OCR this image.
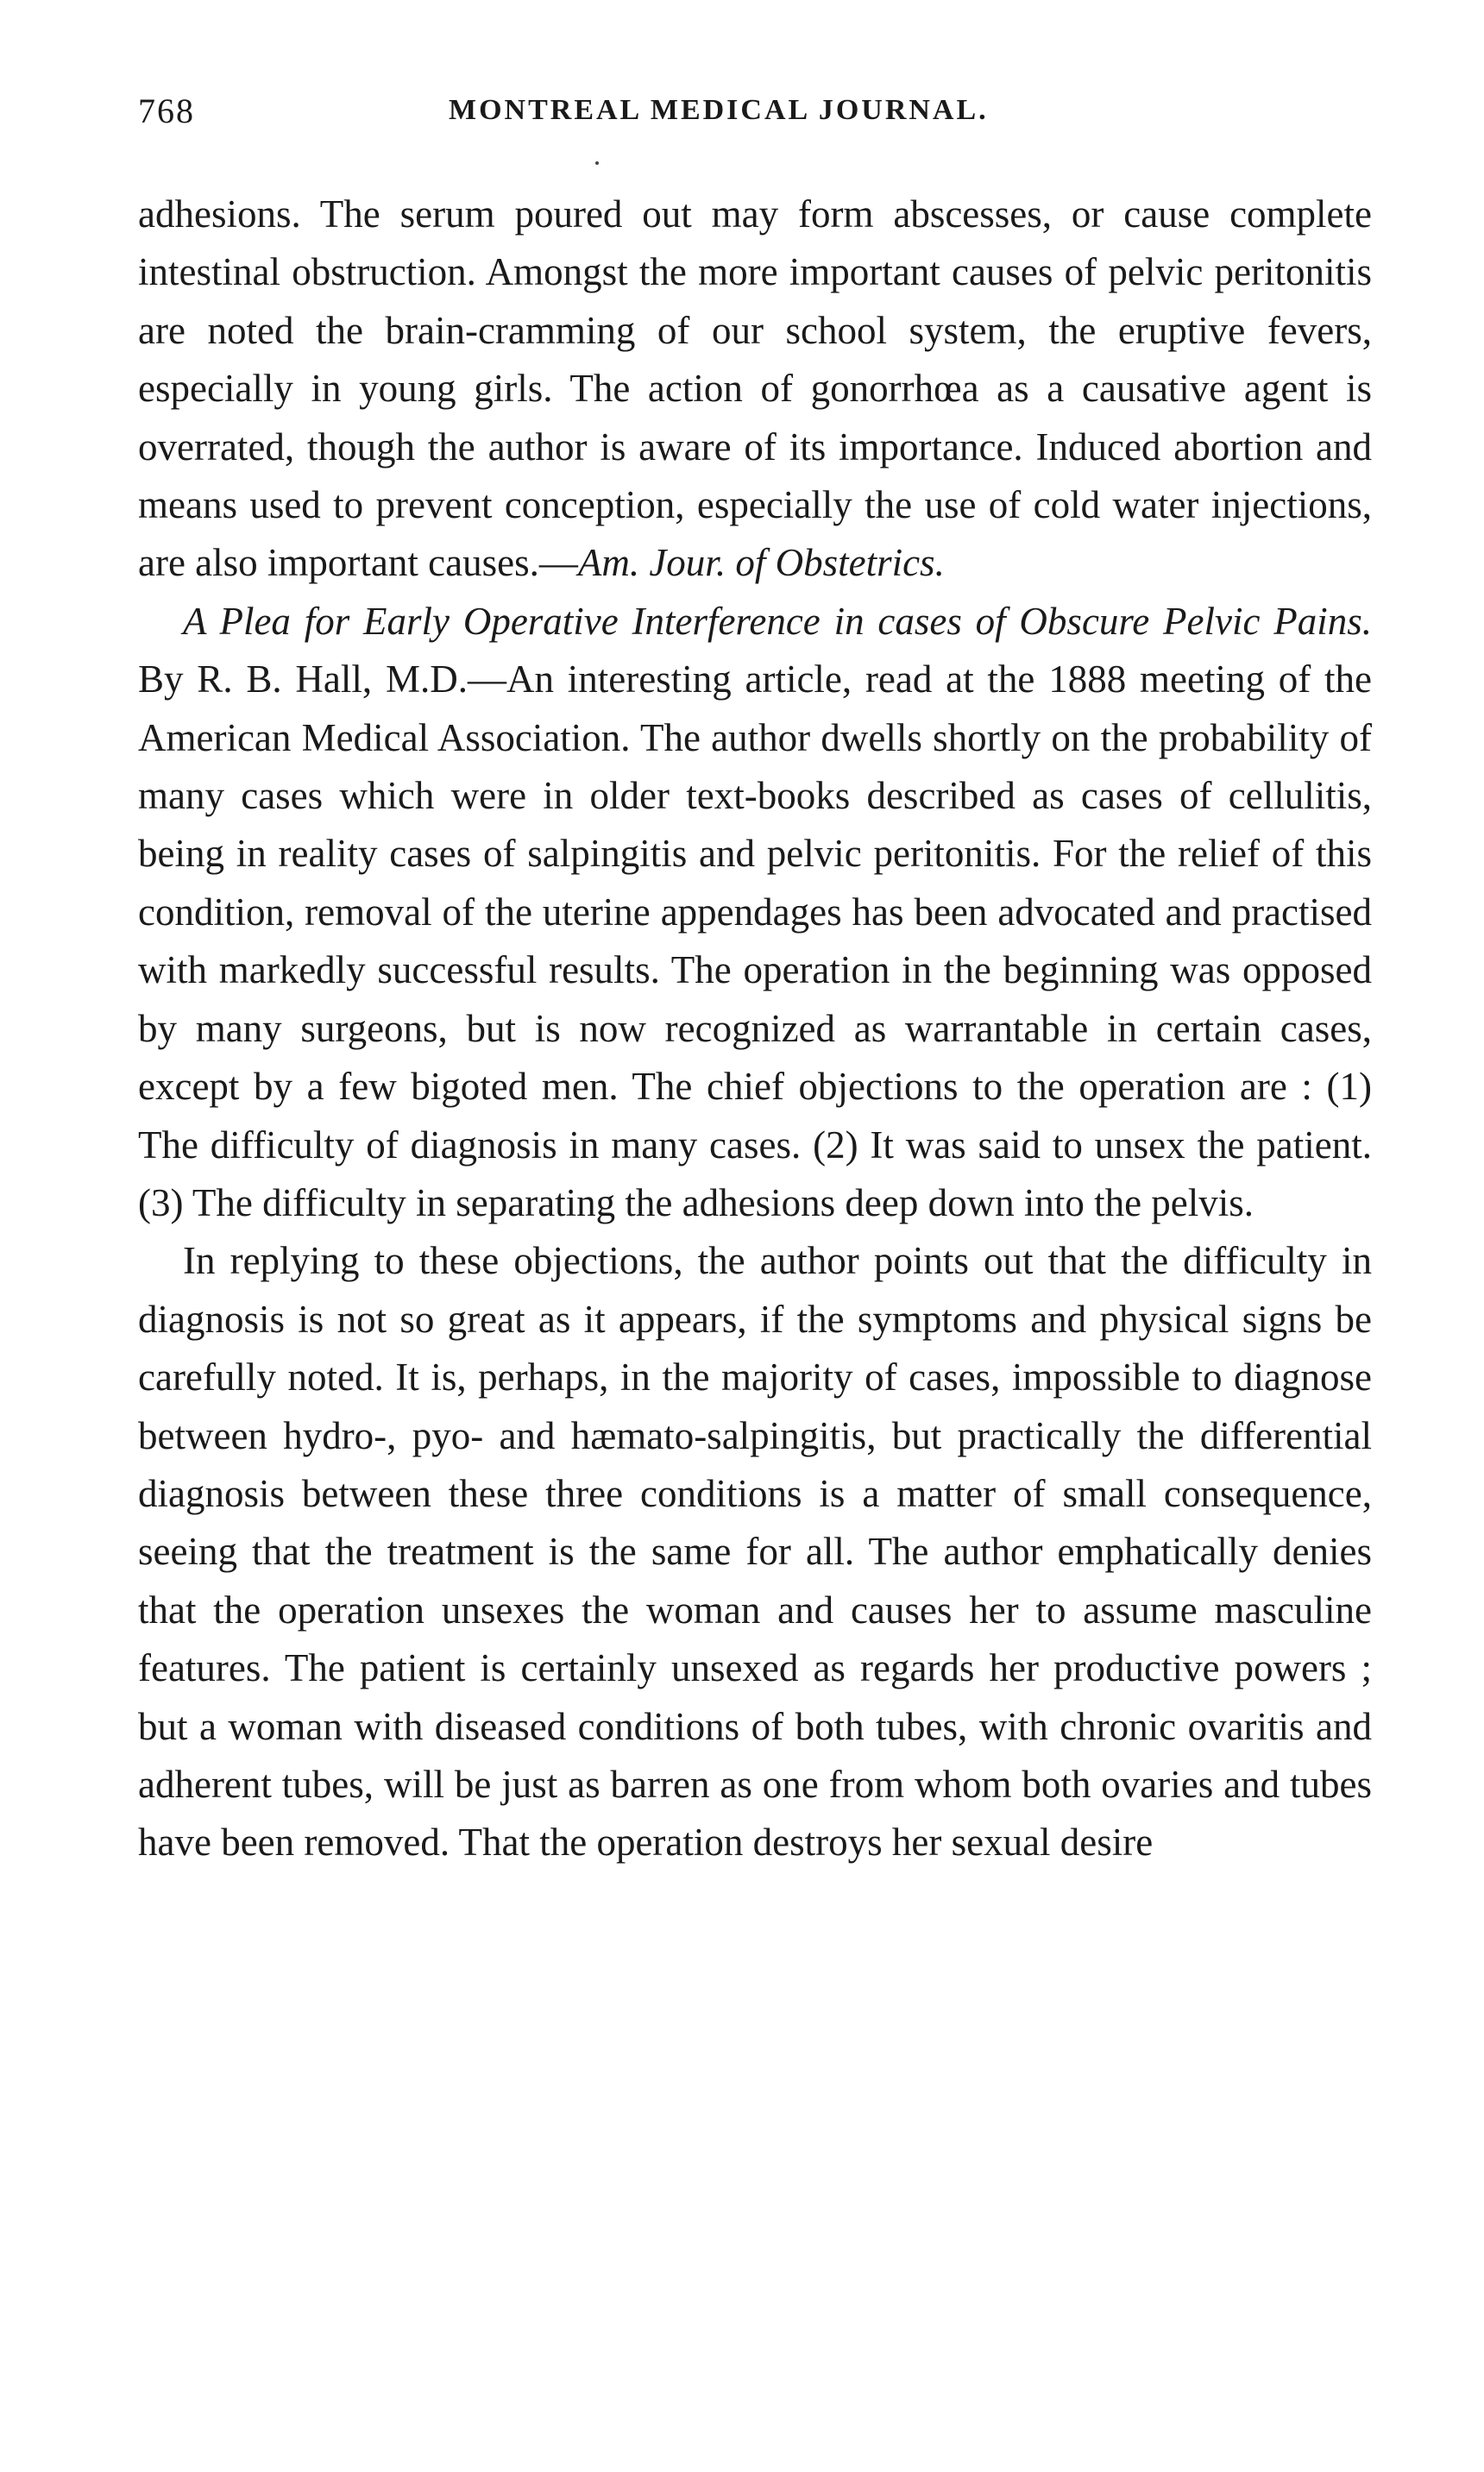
768	MONTREAL MEDICAL JOURNAL.

adhesions. The serum poured out may form abscesses, or cause complete intestinal obstruction. Amongst the more important causes of pelvic peritonitis are noted the brain-cramming of our school system, the eruptive fevers, especially in young girls. The action of gonorrhœa as a causative agent is overrated, though the author is aware of its importance. Induced abortion and means used to prevent conception, especially the use of cold water injections, are also important causes.—Am. Jour. of Obstetrics.

A Plea for Early Operative Interference in cases of Obscure Pelvic Pains. By R. B. Hall, M.D.—An interesting article, read at the 1888 meeting of the American Medical Association. The author dwells shortly on the probability of many cases which were in older text-books described as cases of cellulitis, being in reality cases of salpingitis and pelvic peritonitis. For the relief of this condition, removal of the uterine appendages has been advocated and practised with markedly successful results. The operation in the beginning was opposed by many surgeons, but is now recognized as warrantable in certain cases, except by a few bigoted men. The chief objections to the operation are : (1) The difficulty of diagnosis in many cases. (2) It was said to unsex the patient. (3) The difficulty in separating the adhesions deep down into the pelvis.

In replying to these objections, the author points out that the difficulty in diagnosis is not so great as it appears, if the symptoms and physical signs be carefully noted. It is, perhaps, in the majority of cases, impossible to diagnose between hydro-, pyo- and hæmato-salpingitis, but practically the differential diagnosis between these three conditions is a matter of small consequence, seeing that the treatment is the same for all. The author emphatically denies that the operation unsexes the woman and causes her to assume masculine features. The patient is certainly unsexed as regards her productive powers ; but a woman with diseased conditions of both tubes, with chronic ovaritis and adherent tubes, will be just as barren as one from whom both ovaries and tubes have been removed. That the operation destroys her sexual desire
